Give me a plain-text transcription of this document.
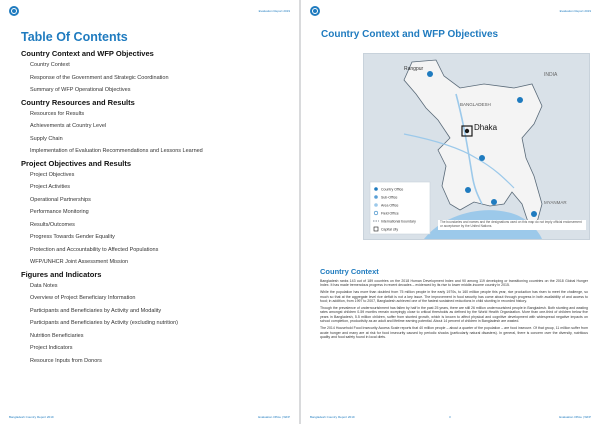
Evaluation Report 2019
Table Of Contents
Country Context and WFP Objectives
Country Context
Response of the Government and Strategic Coordination
Summary of WFP Operational Objectives
Country Resources and Results
Resources for Results
Achievements at Country Level
Supply Chain
Implementation of Evaluation Recommendations and Lessons Learned
Project Objectives and Results
Project Objectives
Project Activities
Operational Partnerships
Performance Monitoring
Results/Outcomes
Progress Towards Gender Equality
Protection and Accountability to Affected Populations
WFP/UNHCR Joint Assessment Mission
Figures and Indicators
Data Notes
Overview of Project Beneficiary Information
Participants and Beneficiaries by Activity and Modality
Participants and Beneficiaries by Activity (excluding nutrition)
Nutrition Beneficiaries
Project Indicators
Resource Inputs from Donors
Bangladesh Country Report 2019	Evaluation Office | WFP
Evaluation Report 2019
Country Context and WFP Objectives
INDIA
BANGLADESH
Dhaka
Rangpur
MYANMAR
Country Office
Sub-Office
Area Office
Field Office
International boundary
Capital city
The boundaries and names and the designations used on this map do not imply official endorsement or acceptance by the United Nations.
Country Context

Bangladesh ranks 143 out of 189 countries on the 2018 Human Development Index and 90 among 119 developing or transitioning countries on the 2018 Global Hunger Index. It has made tremendous progress in recent decades – evidenced by its rise to lower middle-income country in 2015.

While the population has more than doubled from 75 million people in the early 1970s, to 160 million people this year, rice production has risen to meet the challenge, so much so that at the aggregate level rice deficit is not a key issue. The improvement in food security has come about through progress in both availability of and access to food; in addition, from 1997 to 2007, Bangladesh achieved one of the fastest sustained reductions in child stunting in recorded history.

Though the prevalence of undernourishment has fallen by half in the past 25 years, there are still 26 million undernourished people in Bangladesh. Both stunting and wasting rates amongst children 0-59 months remain worryingly close to critical thresholds as defined by the World Health Organization. More than one-third of children below five years in Bangladesh, 5.5 million children, suffer from stunted growth, which is known to affect physical and cognitive development with widespread negative impacts on school completion, productivity as an adult and lifetime earning potential. About 14 percent of children in Bangladesh are wasted.

The 2014 Household Food Insecurity Access Scale reports that 40 million people – about a quarter of the population – are food insecure. Of that group, 11 million suffer from acute hunger and many are at risk for food insecurity caused by periodic shocks (particularly natural disasters). In general, there is concern over the diversity, nutritious quality and food safety found in local diets.

Bangladesh Country Report 2019	3	Evaluation Office | WFP
